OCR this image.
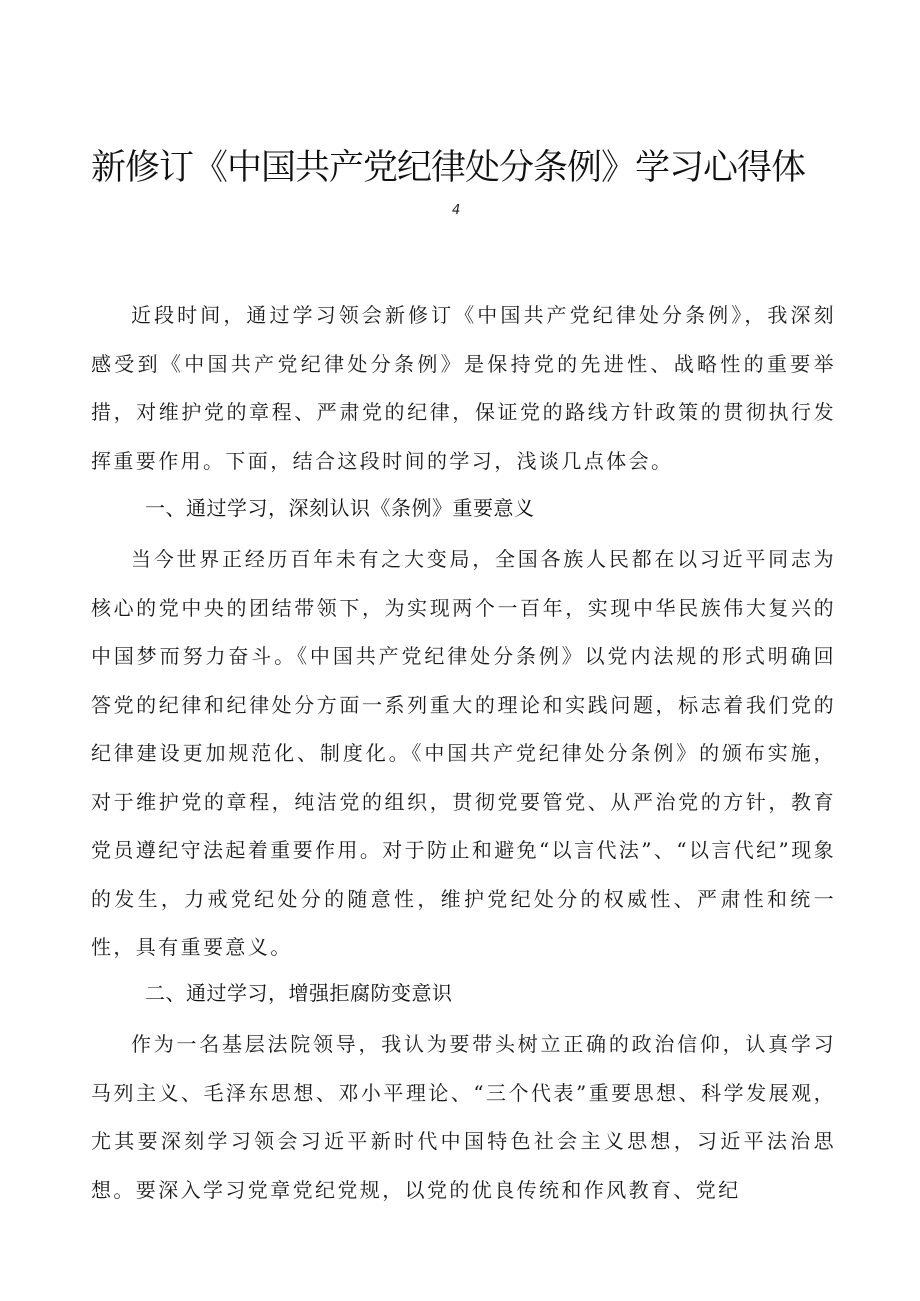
新修订《中国共产党纪律处分条例》学习心得体
4

近段时间，通过学习领会新修订《中国共产党纪律处分条例》，我深刻感受到《中国共产党纪律处分条例》是保持党的先进性、战略性的重要举措，对维护党的章程、严肃党的纪律，保证党的路线方针政策的贯彻执行发挥重要作用。下面，结合这段时间的学习，浅谈几点体会。

一、通过学习，深刻认识《条例》重要意义

当今世界正经历百年未有之大变局，全国各族人民都在以习近平同志为核心的党中央的团结带领下，为实现两个一百年，实现中华民族伟大复兴的中国梦而努力奋斗。《中国共产党纪律处分条例》以党内法规的形式明确回答党的纪律和纪律处分方面一系列重大的理论和实践问题，标志着我们党的纪律建设更加规范化、制度化。《中国共产党纪律处分条例》的颁布实施，对于维护党的章程，纯洁党的组织，贯彻党要管党、从严治党的方针，教育党员遵纪守法起着重要作用。对于防止和避免“以言代法”、“以言代纪”现象的发生，力戒党纪处分的随意性，维护党纪处分的权威性、严肃性和统一性，具有重要意义。

二、通过学习，增强拒腐防变意识

作为一名基层法院领导，我认为要带头树立正确的政治信仰，认真学习马列主义、毛泽东思想、邓小平理论、“三个代表”重要思想、科学发展观，尤其要深刻学习领会习近平新时代中国特色社会主义思想，习近平法治思想。要深入学习党章党纪党规，以党的优良传统和作风教育、党纪
